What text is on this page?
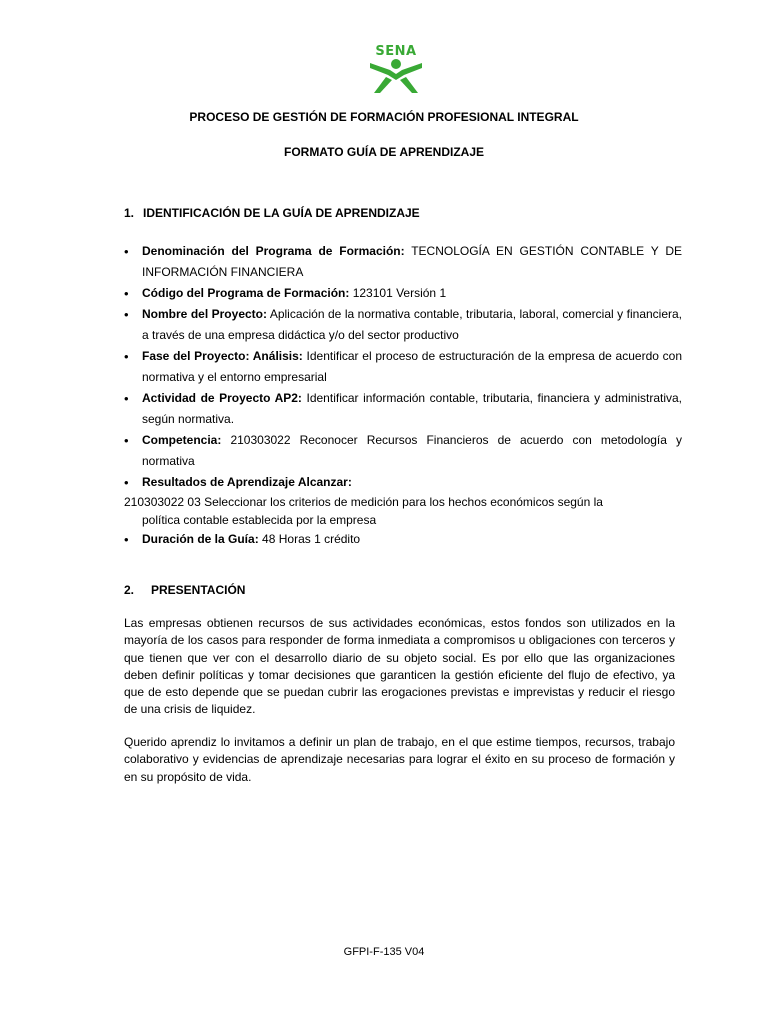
SENA
PROCESO DE GESTIÓN DE FORMACIÓN PROFESIONAL INTEGRAL
FORMATO GUÍA DE APRENDIZAJE
1. IDENTIFICACIÓN DE LA GUÍA DE APRENDIZAJE
• Denominación del Programa de Formación: TECNOLOGÍA EN GESTIÓN CONTABLE Y DE INFORMACIÓN FINANCIERA
• Código del Programa de Formación: 123101 Versión 1
• Nombre del Proyecto: Aplicación de la normativa contable, tributaria, laboral, comercial y financiera, a través de una empresa didáctica y/o del sector productivo
• Fase del Proyecto: Análisis: Identificar el proceso de estructuración de la empresa de acuerdo con normativa y el entorno empresarial
• Actividad de Proyecto AP2: Identificar información contable, tributaria, financiera y administrativa, según normativa.
• Competencia: 210303022 Reconocer Recursos Financieros de acuerdo con metodología y normativa
• Resultados de Aprendizaje Alcanzar:
210303022 03 Seleccionar los criterios de medición para los hechos económicos según la
política contable establecida por la empresa
• Duración de la Guía: 48 Horas 1 crédito
2. PRESENTACIÓN

Las empresas obtienen recursos de sus actividades económicas, estos fondos son utilizados en la mayoría de los casos para responder de forma inmediata a compromisos u obligaciones con terceros y que tienen que ver con el desarrollo diario de su objeto social. Es por ello que las organizaciones deben definir políticas y tomar decisiones que garanticen la gestión eficiente del flujo de efectivo, ya que de esto depende que se puedan cubrir las erogaciones previstas e imprevistas y reducir el riesgo de una crisis de liquidez.

Querido aprendiz lo invitamos a definir un plan de trabajo, en el que estime tiempos, recursos, trabajo colaborativo y evidencias de aprendizaje necesarias para lograr el éxito en su proceso de formación y en su propósito de vida.

GFPI-F-135 V04
